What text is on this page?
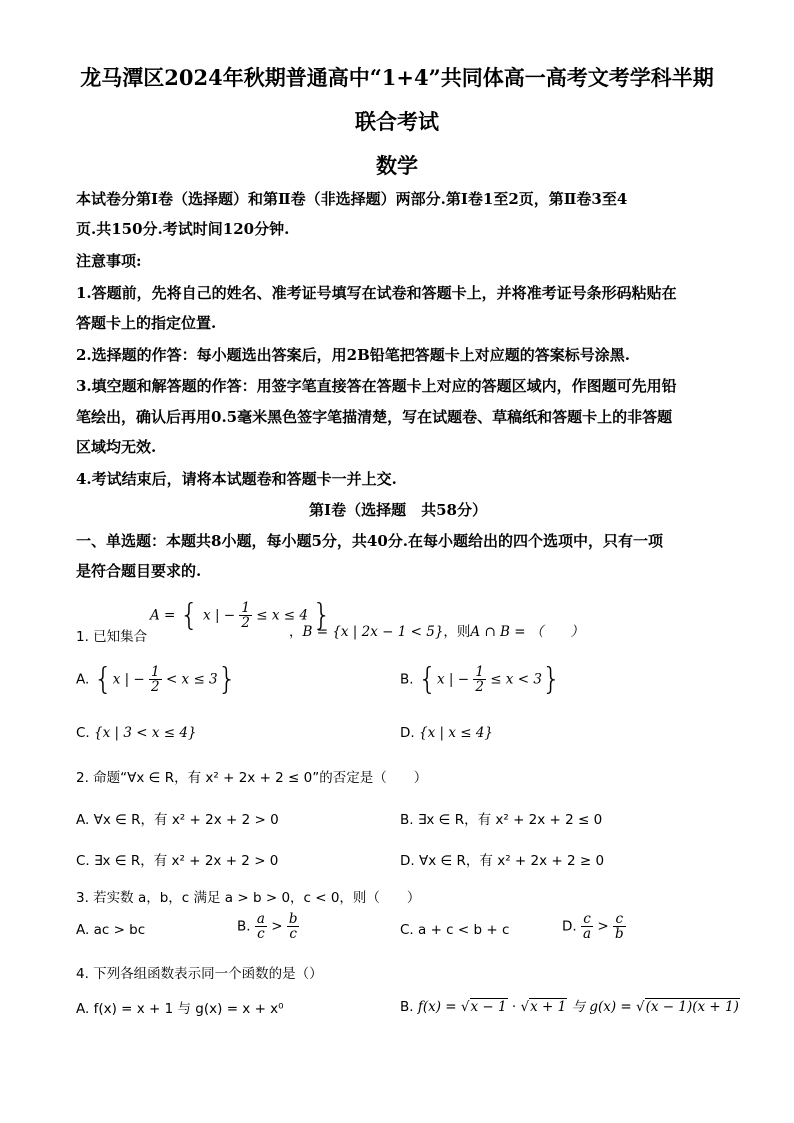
龙马潭区2024年秋期普通高中“1+4”共同体高一高考文考学科半期
联合考试
数学
本试卷分第Ⅰ卷（选择题）和第Ⅱ卷（非选择题）两部分.第Ⅰ卷1至2页，第Ⅱ卷3至4
页.共150分.考试时间120分钟.
注意事项:
1.答题前，先将自己的姓名、准考证号填写在试卷和答题卡上，并将准考证号条形码粘贴在
答题卡上的指定位置.
2.选择题的作答：每小题选出答案后，用2B铅笔把答题卡上对应题的答案标号涂黑.
3.填空题和解答题的作答：用签字笔直接答在答题卡上对应的答题区域内，作图题可先用铅
笔绘出，确认后再用0.5毫米黑色签字笔描清楚，写在试题卷、草稿纸和答题卡上的非答题
区域均无效.
4.考试结束后，请将本试题卷和答题卡一并上交.
第Ⅰ卷（选择题　共58分）
一、单选题：本题共8小题，每小题5分，共40分.在每小题给出的四个选项中，只有一项
是符合题目要求的.
A = { x | − $\frac{1}{2} \le x \le 4$ }
1. 已知集合	，B = {x | 2x − 1 < 5}，则A ∩ B = （　　）
A. {x | − $\frac{1}{2} < x \le 3$}	B. {x | − $\frac{1}{2} \le x < 3$}
C. {x | 3 < x ≤ 4}	D. {x | x ≤ 4}
2. 命题“∀x ∈ R，有 x² + 2x + 2 ≤ 0”的否定是（　　）
A. ∀x ∈ R，有 x² + 2x + 2 > 0	B. ∃x ∈ R，有 x² + 2x + 2 ≤ 0
C. ∃x ∈ R，有 x² + 2x + 2 > 0	D. ∀x ∈ R，有 x² + 2x + 2 ≥ 0
3. 若实数 a，b，c 满足 a > b > 0，c < 0，则（　　）
A. ac > bc	B. $\frac{a}{c} > \frac{b}{c}$	C. a + c < b + c	D. $\frac{c}{a} > \frac{c}{b}$
4. 下列各组函数表示同一个函数的是（）
A. f(x) = x + 1 与 g(x) = x + x⁰	B. f(x) = √x − 1 · √x + 1 与 g(x) = √(x − 1)(x + 1)
